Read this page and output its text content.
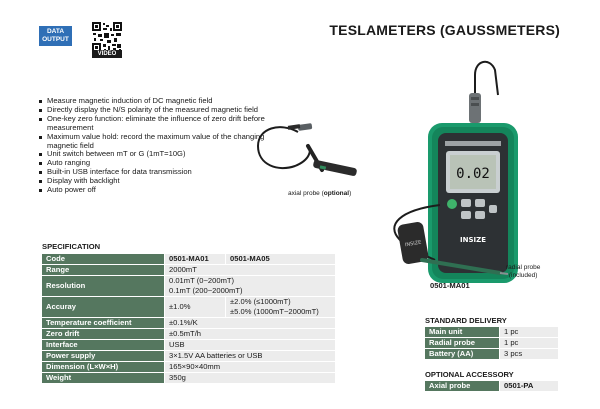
DATA
OUTPUT
VIDEO
TESLAMETERS (GAUSSMETERS)
Measure magnetic induction of DC magnetic field
Directly display the N/S polarity of the measured magnetic field
One-key zero function: eliminate the influence of zero drift before measurement
Maximum value hold: record the maximum value of the changing magnetic field
Unit switch between mT or G (1mT=10G)
Auto ranging
Built-in USB interface for data transmission
Display with backlight
Auto power off	axial probe (optional)
0.02
INSIZE
INSIZE
radial probe
(included)
0501-MA01
SPECIFICATION
Code	0501-MA01	0501-MA05
Range	2000mT	
Resolution	0.01mT (0~200mT)
0.1mT (200~2000mT)	

Accuray	±1.0%	±2.0% (≤1000mT)
±5.0% (1000mT~2000mT)

Temperature coefficient	±0.1%/K	
Zero drift	±0.5mT/h	
Interface	USB	
Power supply	3×1.5V AA batteries or USB	
Dimension (L×W×H)	165×90×40mm	
Weight	350g	
STANDARD DELIVERY
Main unit	1 pc
Radial probe	1 pc
Battery (AA)	3 pcs
OPTIONAL ACCESSORY
Axial probe	0501-PA
